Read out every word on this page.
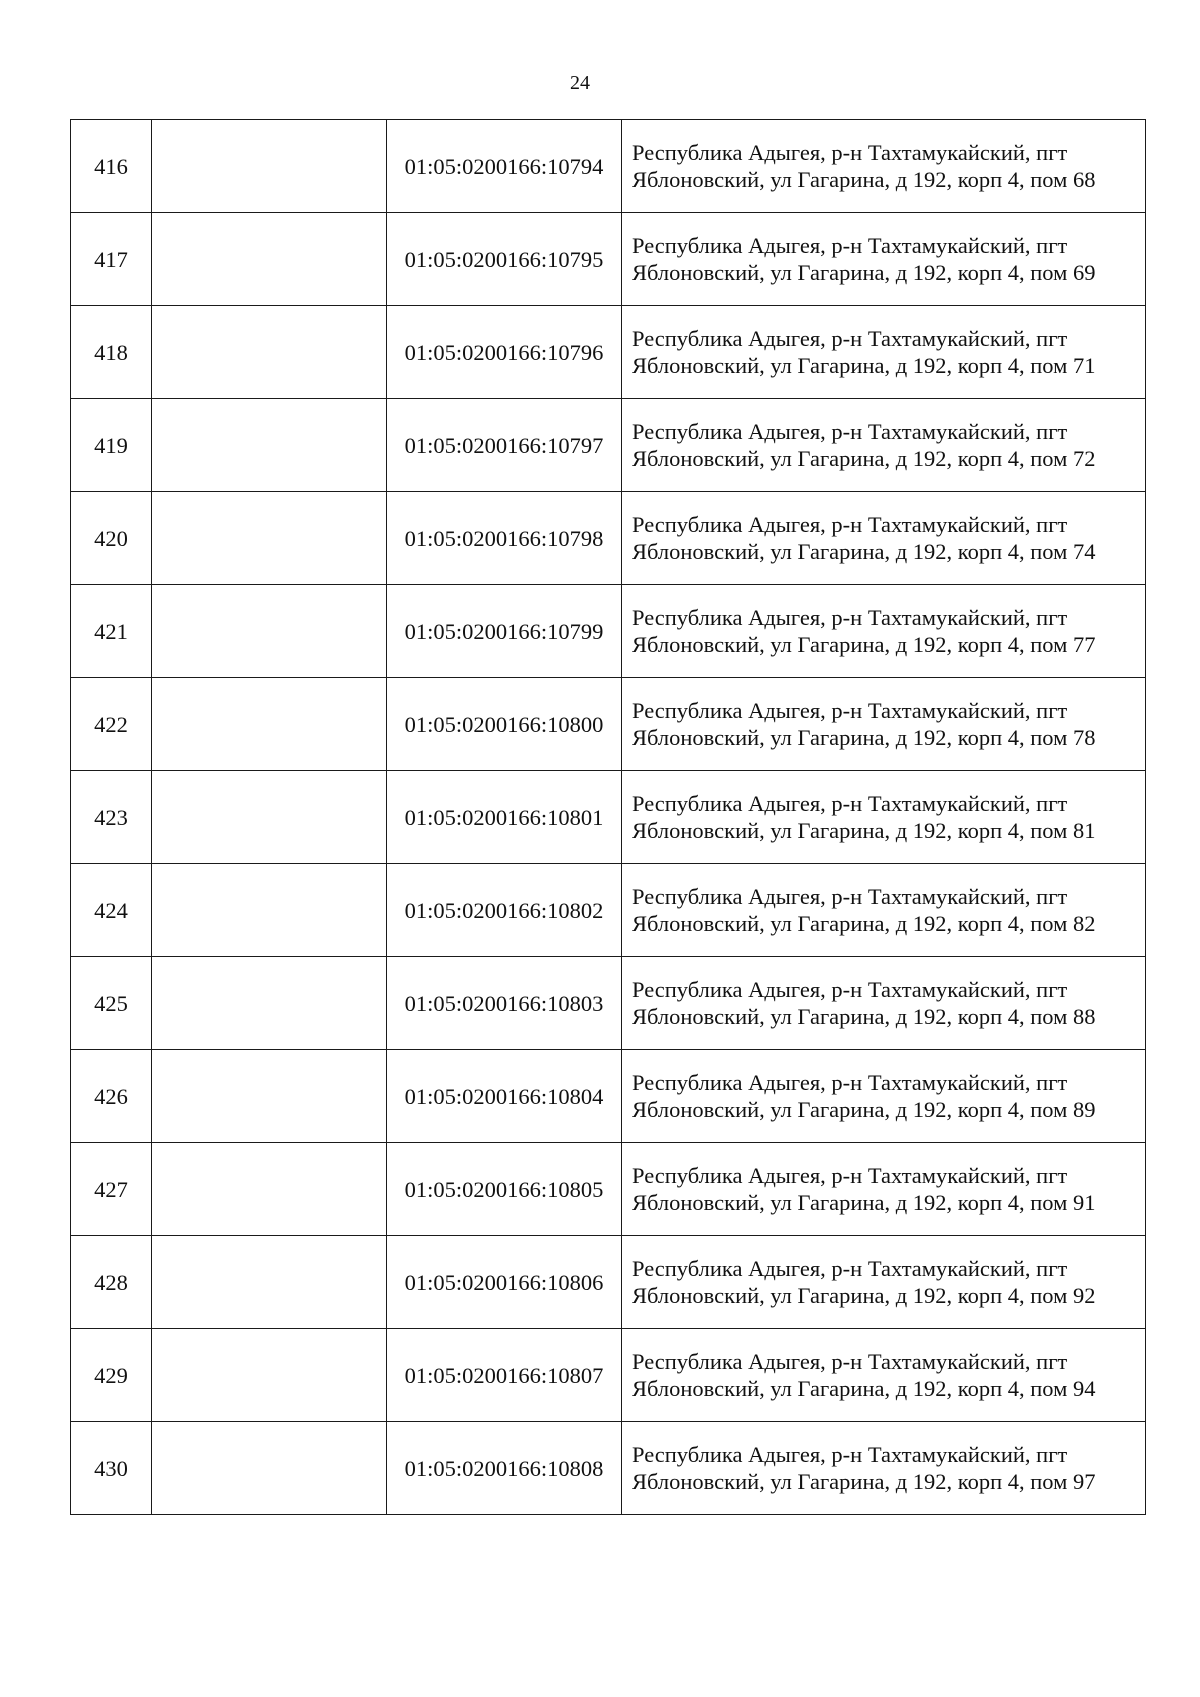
24
416		01:05:0200166:10794	Республика Адыгея, р-н Тахтамукайский, пгт Яблоновский, ул Гагарина, д 192, корп 4, пом 68
417		01:05:0200166:10795	Республика Адыгея, р-н Тахтамукайский, пгт Яблоновский, ул Гагарина, д 192, корп 4, пом 69
418		01:05:0200166:10796	Республика Адыгея, р-н Тахтамукайский, пгт Яблоновский, ул Гагарина, д 192, корп 4, пом 71
419		01:05:0200166:10797	Республика Адыгея, р-н Тахтамукайский, пгт Яблоновский, ул Гагарина, д 192, корп 4, пом 72
420		01:05:0200166:10798	Республика Адыгея, р-н Тахтамукайский, пгт Яблоновский, ул Гагарина, д 192, корп 4, пом 74
421		01:05:0200166:10799	Республика Адыгея, р-н Тахтамукайский, пгт Яблоновский, ул Гагарина, д 192, корп 4, пом 77
422		01:05:0200166:10800	Республика Адыгея, р-н Тахтамукайский, пгт Яблоновский, ул Гагарина, д 192, корп 4, пом 78
423		01:05:0200166:10801	Республика Адыгея, р-н Тахтамукайский, пгт Яблоновский, ул Гагарина, д 192, корп 4, пом 81
424		01:05:0200166:10802	Республика Адыгея, р-н Тахтамукайский, пгт Яблоновский, ул Гагарина, д 192, корп 4, пом 82
425		01:05:0200166:10803	Республика Адыгея, р-н Тахтамукайский, пгт Яблоновский, ул Гагарина, д 192, корп 4, пом 88
426		01:05:0200166:10804	Республика Адыгея, р-н Тахтамукайский, пгт Яблоновский, ул Гагарина, д 192, корп 4, пом 89
427		01:05:0200166:10805	Республика Адыгея, р-н Тахтамукайский, пгт Яблоновский, ул Гагарина, д 192, корп 4, пом 91
428		01:05:0200166:10806	Республика Адыгея, р-н Тахтамукайский, пгт Яблоновский, ул Гагарина, д 192, корп 4, пом 92
429		01:05:0200166:10807	Республика Адыгея, р-н Тахтамукайский, пгт Яблоновский, ул Гагарина, д 192, корп 4, пом 94
430		01:05:0200166:10808	Республика Адыгея, р-н Тахтамукайский, пгт Яблоновский, ул Гагарина, д 192, корп 4, пом 97
